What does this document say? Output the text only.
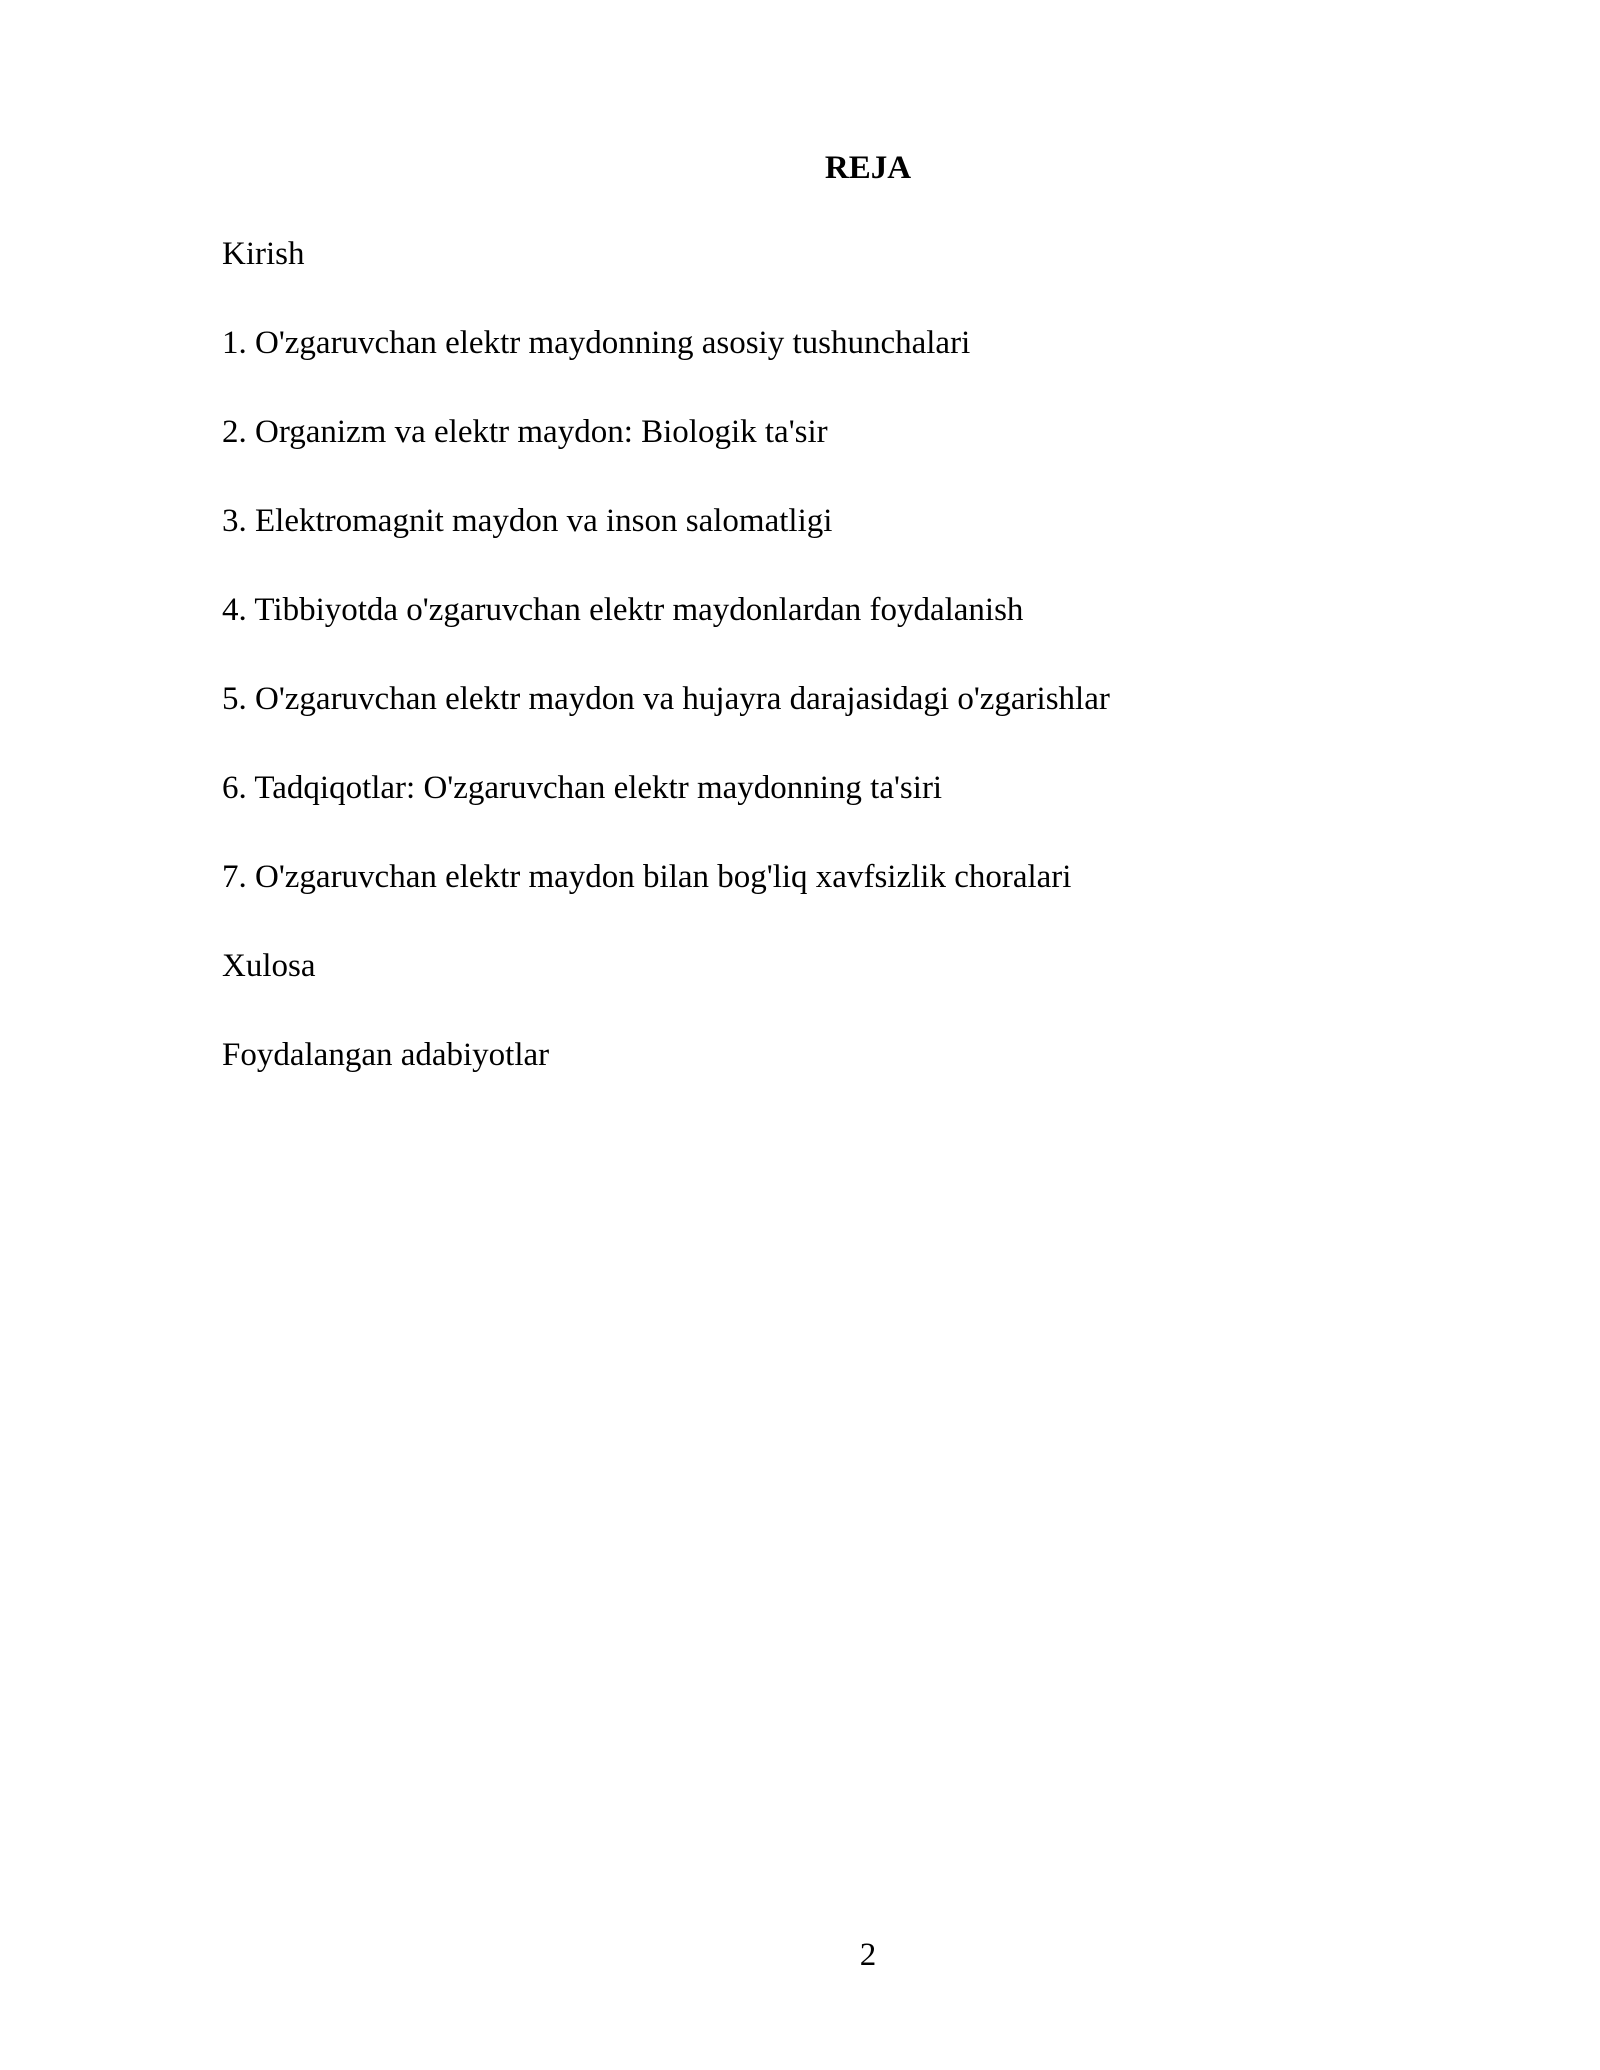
REJA
Kirish
1. O'zgaruvchan elektr maydonning asosiy tushunchalari
2. Organizm va elektr maydon: Biologik ta'sir
3. Elektromagnit maydon va inson salomatligi
4. Tibbiyotda o'zgaruvchan elektr maydonlardan foydalanish
5. O'zgaruvchan elektr maydon va hujayra darajasidagi o'zgarishlar
6. Tadqiqotlar: O'zgaruvchan elektr maydonning ta'siri
7. O'zgaruvchan elektr maydon bilan bog'liq xavfsizlik choralari
Xulosa
Foydalangan adabiyotlar
2
